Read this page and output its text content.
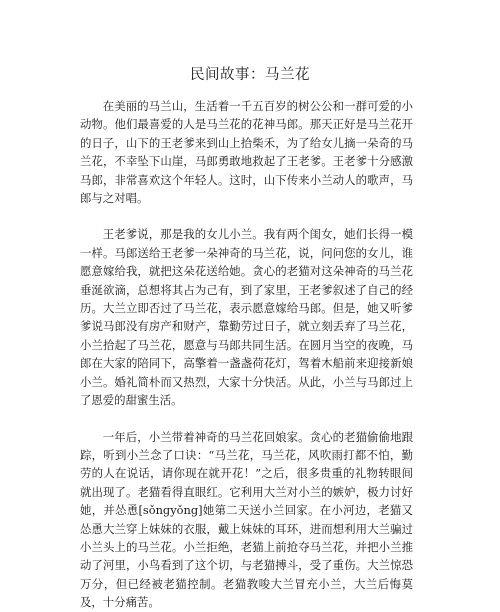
民间故事：马兰花

在美丽的马兰山，生活着一千五百岁的树公公和一群可爱的小动物。他们最喜爱的人是马兰花的花神马郎。那天正好是马兰花开的日子，山下的王老爹来到山上拾柴禾，为了给女儿摘一朵奇的马兰花，不幸坠下山崖，马郎勇敢地救起了王老爹。王老爹十分感激马郎，非常喜欢这个年轻人。这时，山下传来小兰动人的歌声，马郎与之对唱。

王老爹说，那是我的女儿小兰。我有两个闺女，她们长得一模一样。马郎送给王老爹一朵神奇的马兰花，说，问问您的女儿，谁愿意嫁给我，就把这朵花送给她。贪心的老猫对这朵神奇的马兰花垂涎欲滴，总想将其占为己有，到了家里，王老爹叙述了自己的经历。大兰立即否过了马兰花，表示愿意嫁给马郎。但是，她又听爹爹说马郎没有房产和财产，靠勤劳过日子，就立刻丢弃了马兰花，小兰拾起了马兰花，愿意与马郎共同生活。在圆月当空的夜晚，马郎在大家的陪同下，高擎着一盏盏荷花灯，驾着木船前来迎接新娘小兰。婚礼简朴而又热烈，大家十分快活。从此，小兰与马郎过上了恩爱的甜蜜生活。

一年后，小兰带着神奇的马兰花回娘家。贪心的老猫偷偷地跟踪，听到小兰念了口诀：“马兰花，马兰花，风吹雨打都不怕，勤劳的人在说话，请你现在就开花！”之后，很多贵重的礼物转眼间就出现了。老猫看得直眼红。它利用大兰对小兰的嫉妒，极力讨好她，并怂恿[sǒngyǒng]她第二天送小兰回家。在小河边，老猫又怂恿大兰穿上妹妹的衣服，戴上妹妹的耳环，进而想利用大兰骗过小兰头上的马兰花。小兰拒绝，老猫上前抢夺马兰花，并把小兰推动了河里，小鸟看到了这个切，与老猫搏斗，受了重伤。大兰惊恐万分，但已经被老猫控制。老猫教唆大兰冒充小兰，大兰后悔莫及，十分痛苦。
